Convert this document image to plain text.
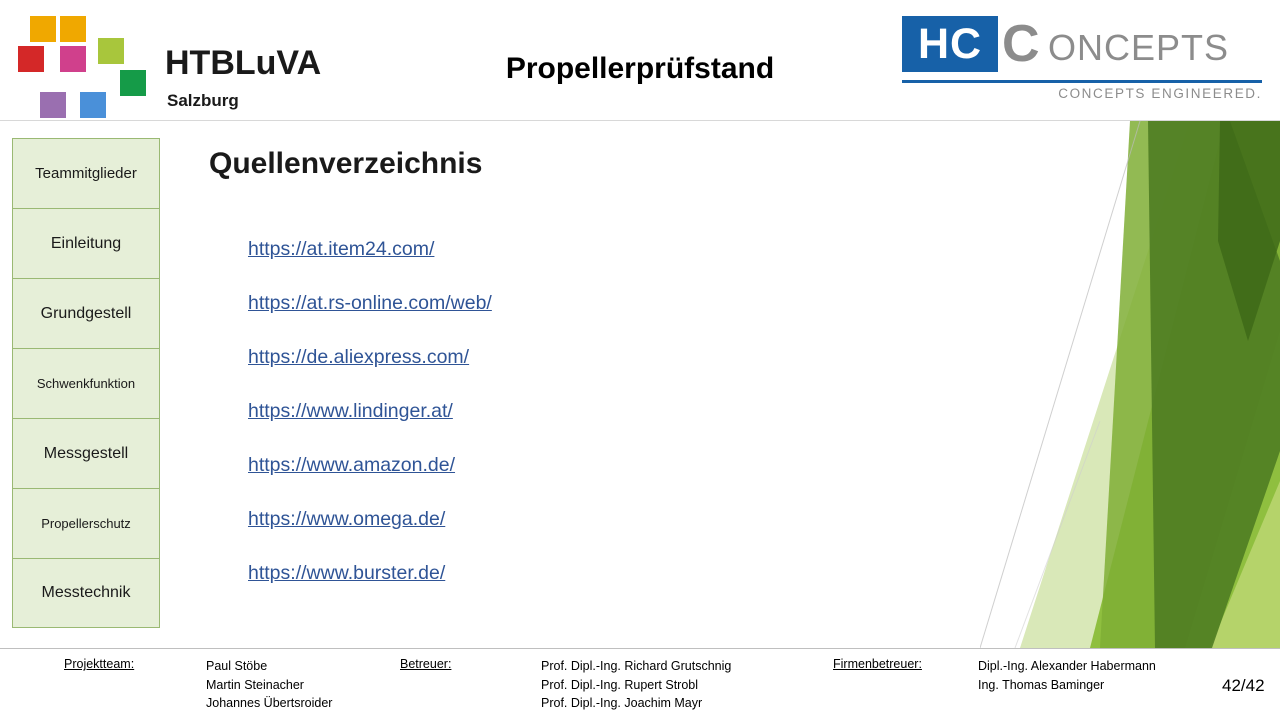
HTBLuVA
Salzburg
Propellerprüfstand
HC C ONCEPTS
CONCEPTS ENGINEERED.
Teammitglieder
Einleitung
Grundgestell
Schwenkfunktion
Messgestell
Propellerschutz
Messtechnik
Quellenverzeichnis
https://at.item24.com/
https://at.rs-online.com/web/
https://de.aliexpress.com/
https://www.lindinger.at/
https://www.amazon.de/
https://www.omega.de/
https://www.burster.de/
Projektteam:	Paul Stöbe
Martin Steinacher
Johannes Übertsroider
Betreuer:	Prof. Dipl.-Ing. Richard Grutschnig
Prof. Dipl.-Ing. Rupert Strobl
Prof. Dipl.-Ing. Joachim Mayr
Firmenbetreuer:	Dipl.-Ing. Alexander Habermann
Ing. Thomas Baminger	42/42
